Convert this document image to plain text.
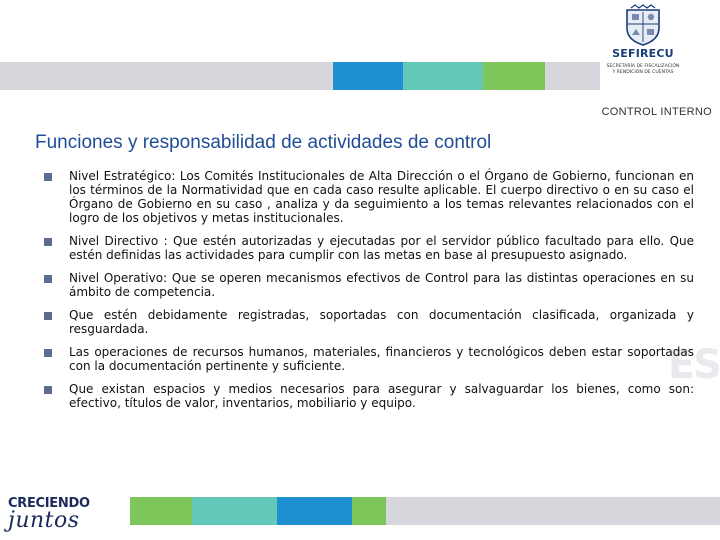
SEFIRECU
SECRETARÍA DE FISCALIZACIÓN
Y RENDICIÓN DE CUENTAS
CONTROL INTERNO
Funciones y responsabilidad de actividades de control
ES
Nivel Estratégico: Los Comités Institucionales de Alta Dirección o el Órgano de Gobierno, funcionan en los términos de la Normatividad que en cada caso resulte aplicable. El cuerpo directivo o en su caso el Órgano de Gobierno en su caso , analiza y da seguimiento a los temas relevantes relacionados con el logro de los objetivos y metas institucionales.
Nivel Directivo : Que estén autorizadas y ejecutadas por el servidor público facultado para ello. Que estén definidas las actividades para cumplir con las metas en base al presupuesto asignado.
Nivel Operativo: Que se operen mecanismos efectivos de Control para las distintas operaciones en su ámbito de competencia.
Que estén debidamente registradas, soportadas con documentación clasificada, organizada y resguardada.
Las operaciones de recursos humanos, materiales, financieros y tecnológicos deben estar soportadas con la documentación pertinente y suficiente.
Que existan espacios y medios necesarios para asegurar y salvaguardar los bienes, como son: efectivo, títulos de valor, inventarios, mobiliario y equipo.
CRECIENDO
juntos
